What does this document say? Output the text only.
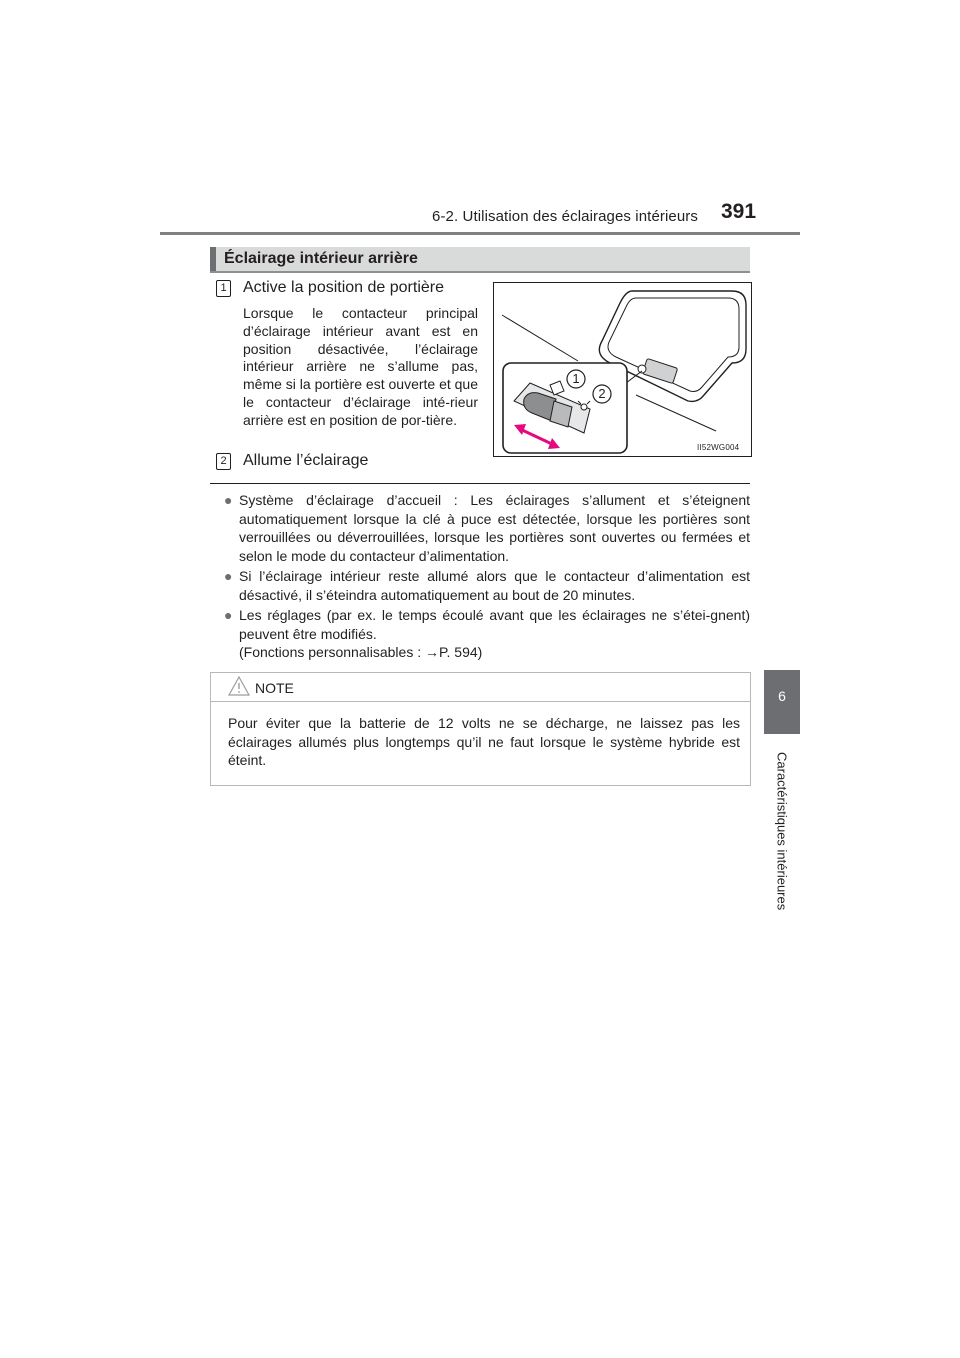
6-2. Utilisation des éclairages intérieurs 391
6
Caractéristiques intérieures
Éclairage intérieur arrière
1 Active la position de portière
Lorsque le contacteur principal d’éclairage intérieur avant est en position désactivée, l’éclairage intérieur arrière ne s’allume pas, même si la portière est ouverte et que le contacteur d’éclairage inté-rieur arrière est en position de por-tière.
2 Allume l’éclairage
1
2
II52WG004
● Système d’éclairage d’accueil : Les éclairages s’allument et s’éteignent automatiquement lorsque la clé à puce est détectée, lorsque les portières sont verrouillées ou déverrouillées, lorsque les portières sont ouvertes ou fermées et selon le mode du contacteur d’alimentation.
● Si l’éclairage intérieur reste allumé alors que le contacteur d’alimentation est désactivé, il s’éteindra automatiquement au bout de 20 minutes.
● Les réglages (par ex. le temps écoulé avant que les éclairages ne s’étei-gnent) peuvent être modifiés.
(Fonctions personnalisables : →P. 594)
NOTE
Pour éviter que la batterie de 12 volts ne se décharge, ne laissez pas les éclairages allumés plus longtemps qu’il ne faut lorsque le système hybride est éteint.
